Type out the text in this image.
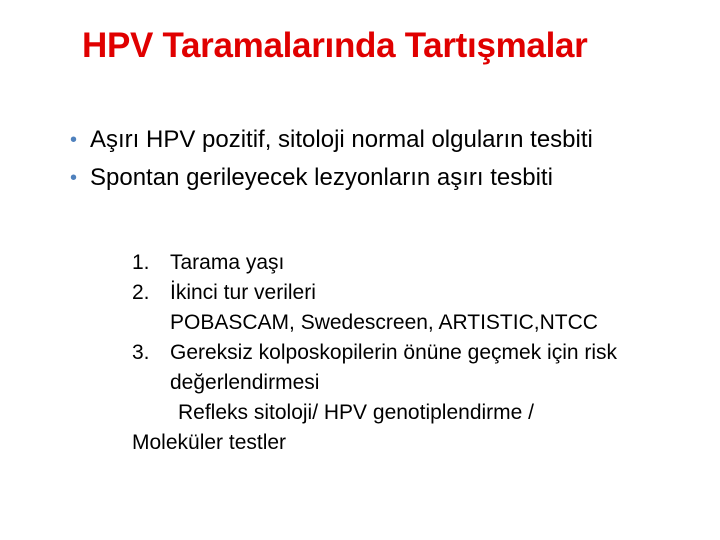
HPV Taramalarında Tartışmalar
• Aşırı HPV pozitif, sitoloji normal olguların tesbiti
• Spontan gerileyecek lezyonların aşırı tesbiti
1. Tarama yaşı
2. İkinci tur verileri
POBASCAM, Swedescreen, ARTISTIC,NTCC
3. Gereksiz kolposkopilerin önüne geçmek için risk değerlendirmesi
Refleks sitoloji/ HPV genotiplendirme /
Moleküler testler
